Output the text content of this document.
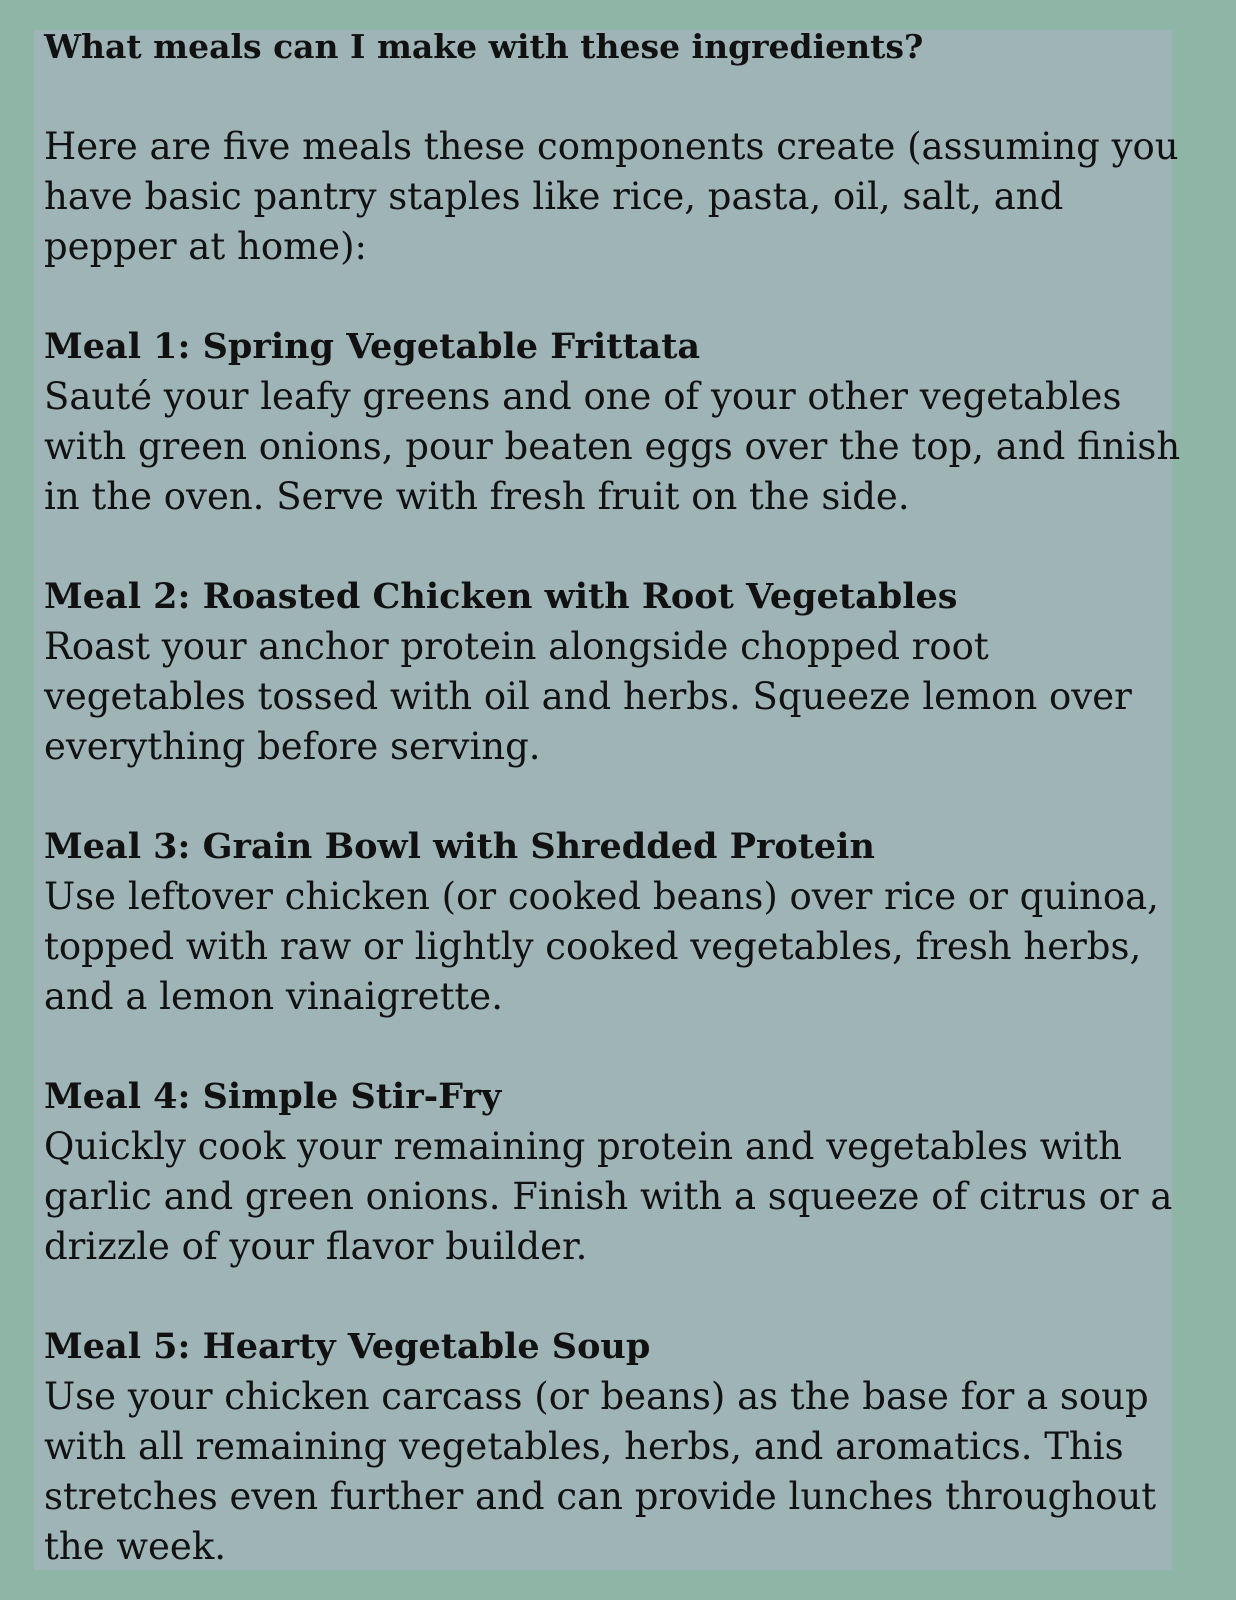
What meals can I make with these ingredients?

Here are five meals these components create (assuming you
have basic pantry staples like rice, pasta, oil, salt, and
pepper at home):

Meal 1: Spring Vegetable Frittata

Sauté your leafy greens and one of your other vegetables
with green onions, pour beaten eggs over the top, and finish
in the oven. Serve with fresh fruit on the side.

Meal 2: Roasted Chicken with Root Vegetables

Roast your anchor protein alongside chopped root
vegetables tossed with oil and herbs. Squeeze lemon over
everything before serving.

Meal 3: Grain Bowl with Shredded Protein

Use leftover chicken (or cooked beans) over rice or quinoa,
topped with raw or lightly cooked vegetables, fresh herbs,
and a lemon vinaigrette.

Meal 4: Simple Stir-Fry

Quickly cook your remaining protein and vegetables with
garlic and green onions. Finish with a squeeze of citrus or a
drizzle of your flavor builder.

Meal 5: Hearty Vegetable Soup

Use your chicken carcass (or beans) as the base for a soup
with all remaining vegetables, herbs, and aromatics. This
stretches even further and can provide lunches throughout
the week.
